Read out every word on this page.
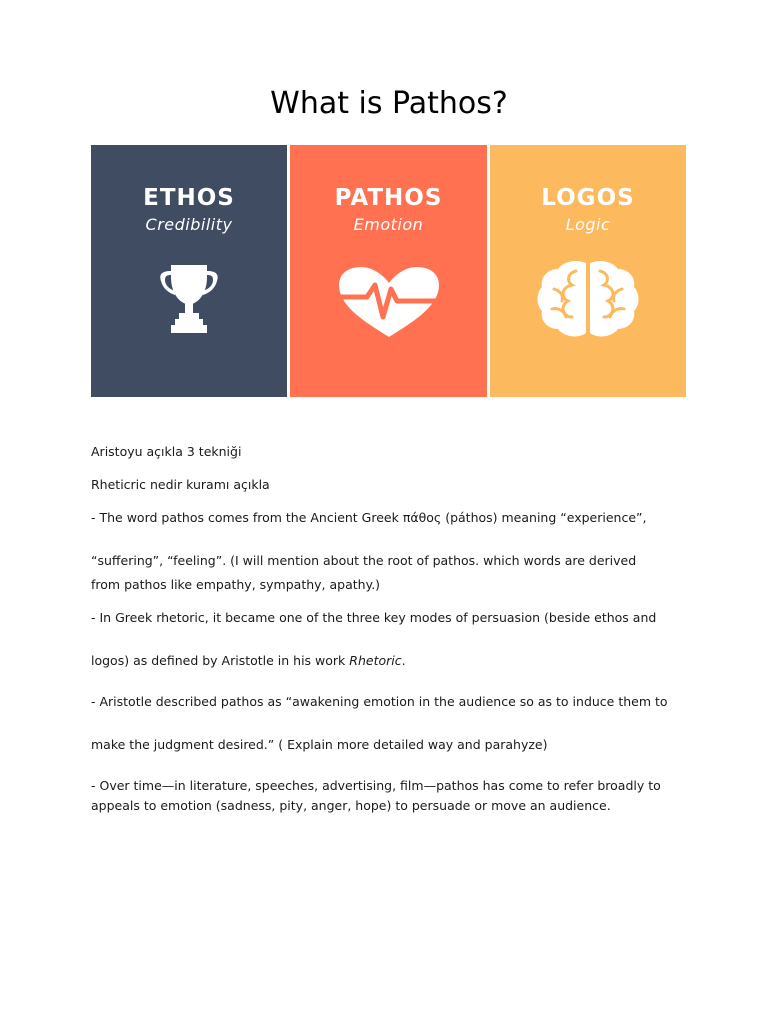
What is Pathos?
ETHOS
Credibility
PATHOS
Emotion
LOGOS
Logic

Aristoyu açıkla 3 tekniği

Rheticric nedir kuramı açıkla

- The word pathos comes from the Ancient Greek πάθος (páthos) meaning “experience”,

“suffering”, “feeling”. (I will mention about the root of pathos. which words are derived

from pathos like empathy, sympathy, apathy.)

- In Greek rhetoric, it became one of the three key modes of persuasion (beside ethos and

logos) as defined by Aristotle in his work Rhetoric.

- Aristotle described pathos as “awakening emotion in the audience so as to induce them to

make the judgment desired.” ( Explain more detailed way and parahyze)

- Over time—in literature, speeches, advertising, film—pathos has come to refer broadly to

appeals to emotion (sadness, pity, anger, hope) to persuade or move an audience.
